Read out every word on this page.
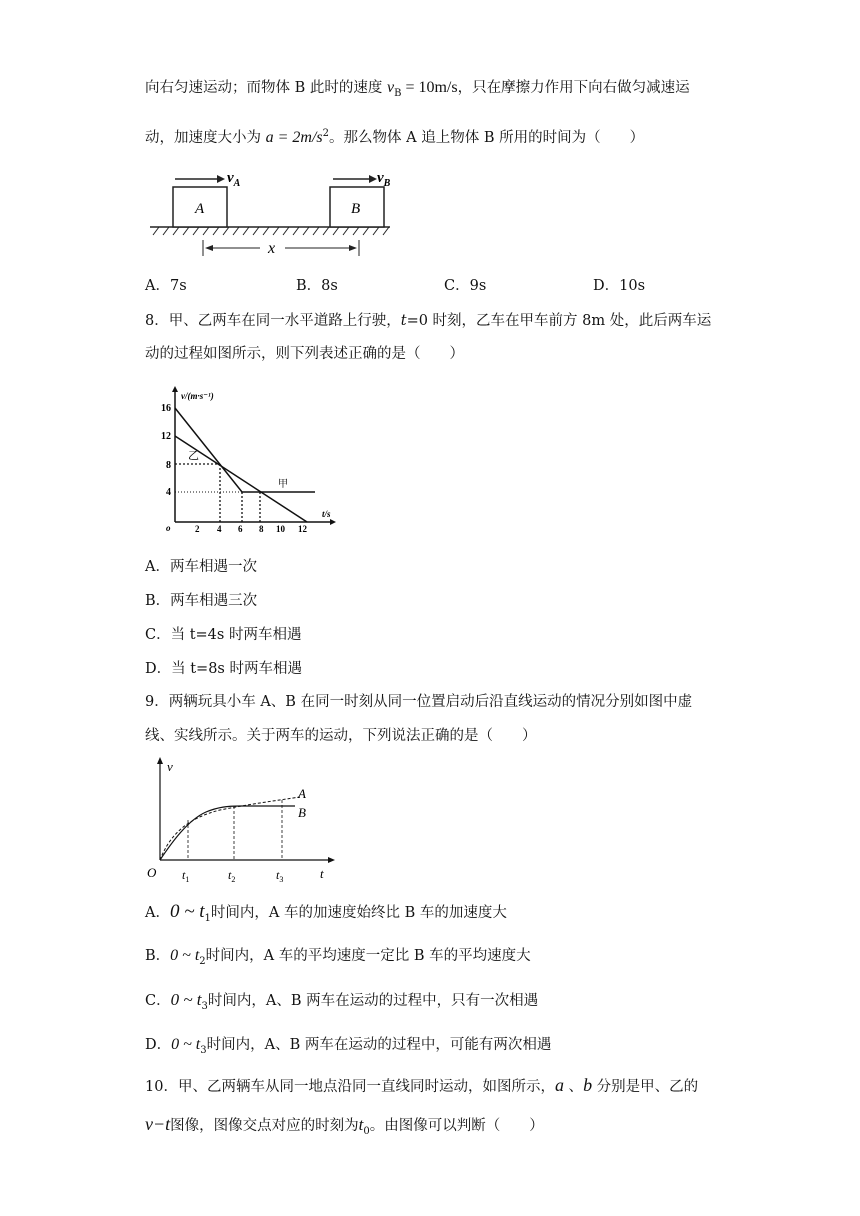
向右匀速运动；而物体 B 此时的速度 $v_B = 10m/s$，只在摩擦力作用下向右做匀减速运
动，加速度大小为 $a = 2m/s^2$。那么物体 A 追上物体 B 所用的时间为（　　）
A	B
$v_A$	$v_B$
x
A．7s	B．8s	C．9s	D．10s
8．甲、乙两车在同一水平道路上行驶，t=0 时刻，乙车在甲车前方 8m 处，此后两车运
动的过程如图所示，则下列表述正确的是（　　）
v/(m·s⁻¹)
t/s
o
16
12
8
4
2 4 6 8 10 12
乙
甲
A．两车相遇一次
B．两车相遇三次
C．当 t=4s 时两车相遇
D．当 t=8s 时两车相遇
9．两辆玩具小车 A、B 在同一时刻从同一位置启动后沿直线运动的情况分别如图中虚
线、实线所示。关于两车的运动，下列说法正确的是（　　）
v
t
O $t_1$	$t_2$	$t_3$
A
B
A．0 ~ $t_1$时间内，A 车的加速度始终比 B 车的加速度大
B．0 ~ $t_2$时间内，A 车的平均速度一定比 B 车的平均速度大
C．0 ~ $t_3$时间内，A、B 两车在运动的过程中，只有一次相遇
D．0 ~ $t_3$时间内，A、B 两车在运动的过程中，可能有两次相遇
10．甲、乙两辆车从同一地点沿同一直线同时运动，如图所示，a 、b 分别是甲、乙的
v−t图像，图像交点对应的时刻为$t_0$。由图像可以判断（　　）
